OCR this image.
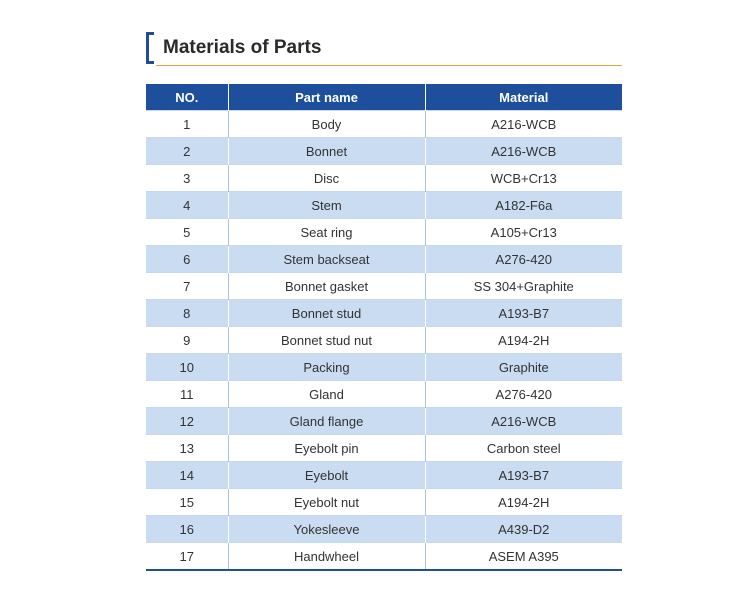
Materials of Parts
NO.	Part name	Material
1	Body	A216-WCB
2	Bonnet	A216-WCB
3	Disc	WCB+Cr13
4	Stem	A182-F6a
5	Seat ring	A105+Cr13
6	Stem backseat	A276-420
7	Bonnet gasket	SS 304+Graphite
8	Bonnet stud	A193-B7
9	Bonnet stud nut	A194-2H
10	Packing	Graphite
11	Gland	A276-420
12	Gland flange	A216-WCB
13	Eyebolt pin	Carbon steel
14	Eyebolt	A193-B7
15	Eyebolt nut	A194-2H
16	Yokesleeve	A439-D2
17	Handwheel	ASEM A395
